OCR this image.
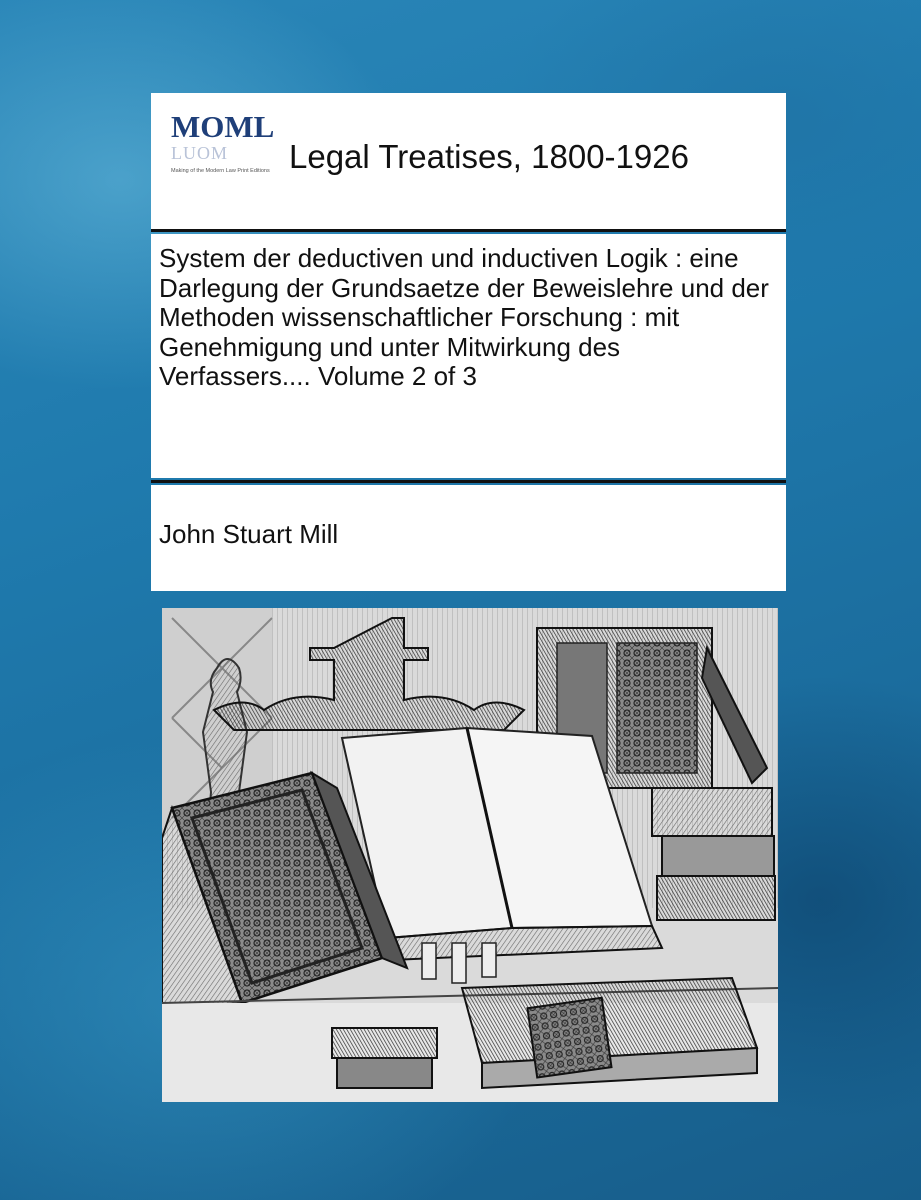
MOML
LUOM
Making of the Modern Law Print Editions Legal Treatises, 1800-1926

System der deductiven und inductiven Logik : eine Darlegung der Grundsaetze der Beweislehre und der Methoden wissenschaftlicher Forschung : mit Genehmigung und unter Mitwirkung des Verfassers.... Volume 2 of 3

John Stuart Mill
